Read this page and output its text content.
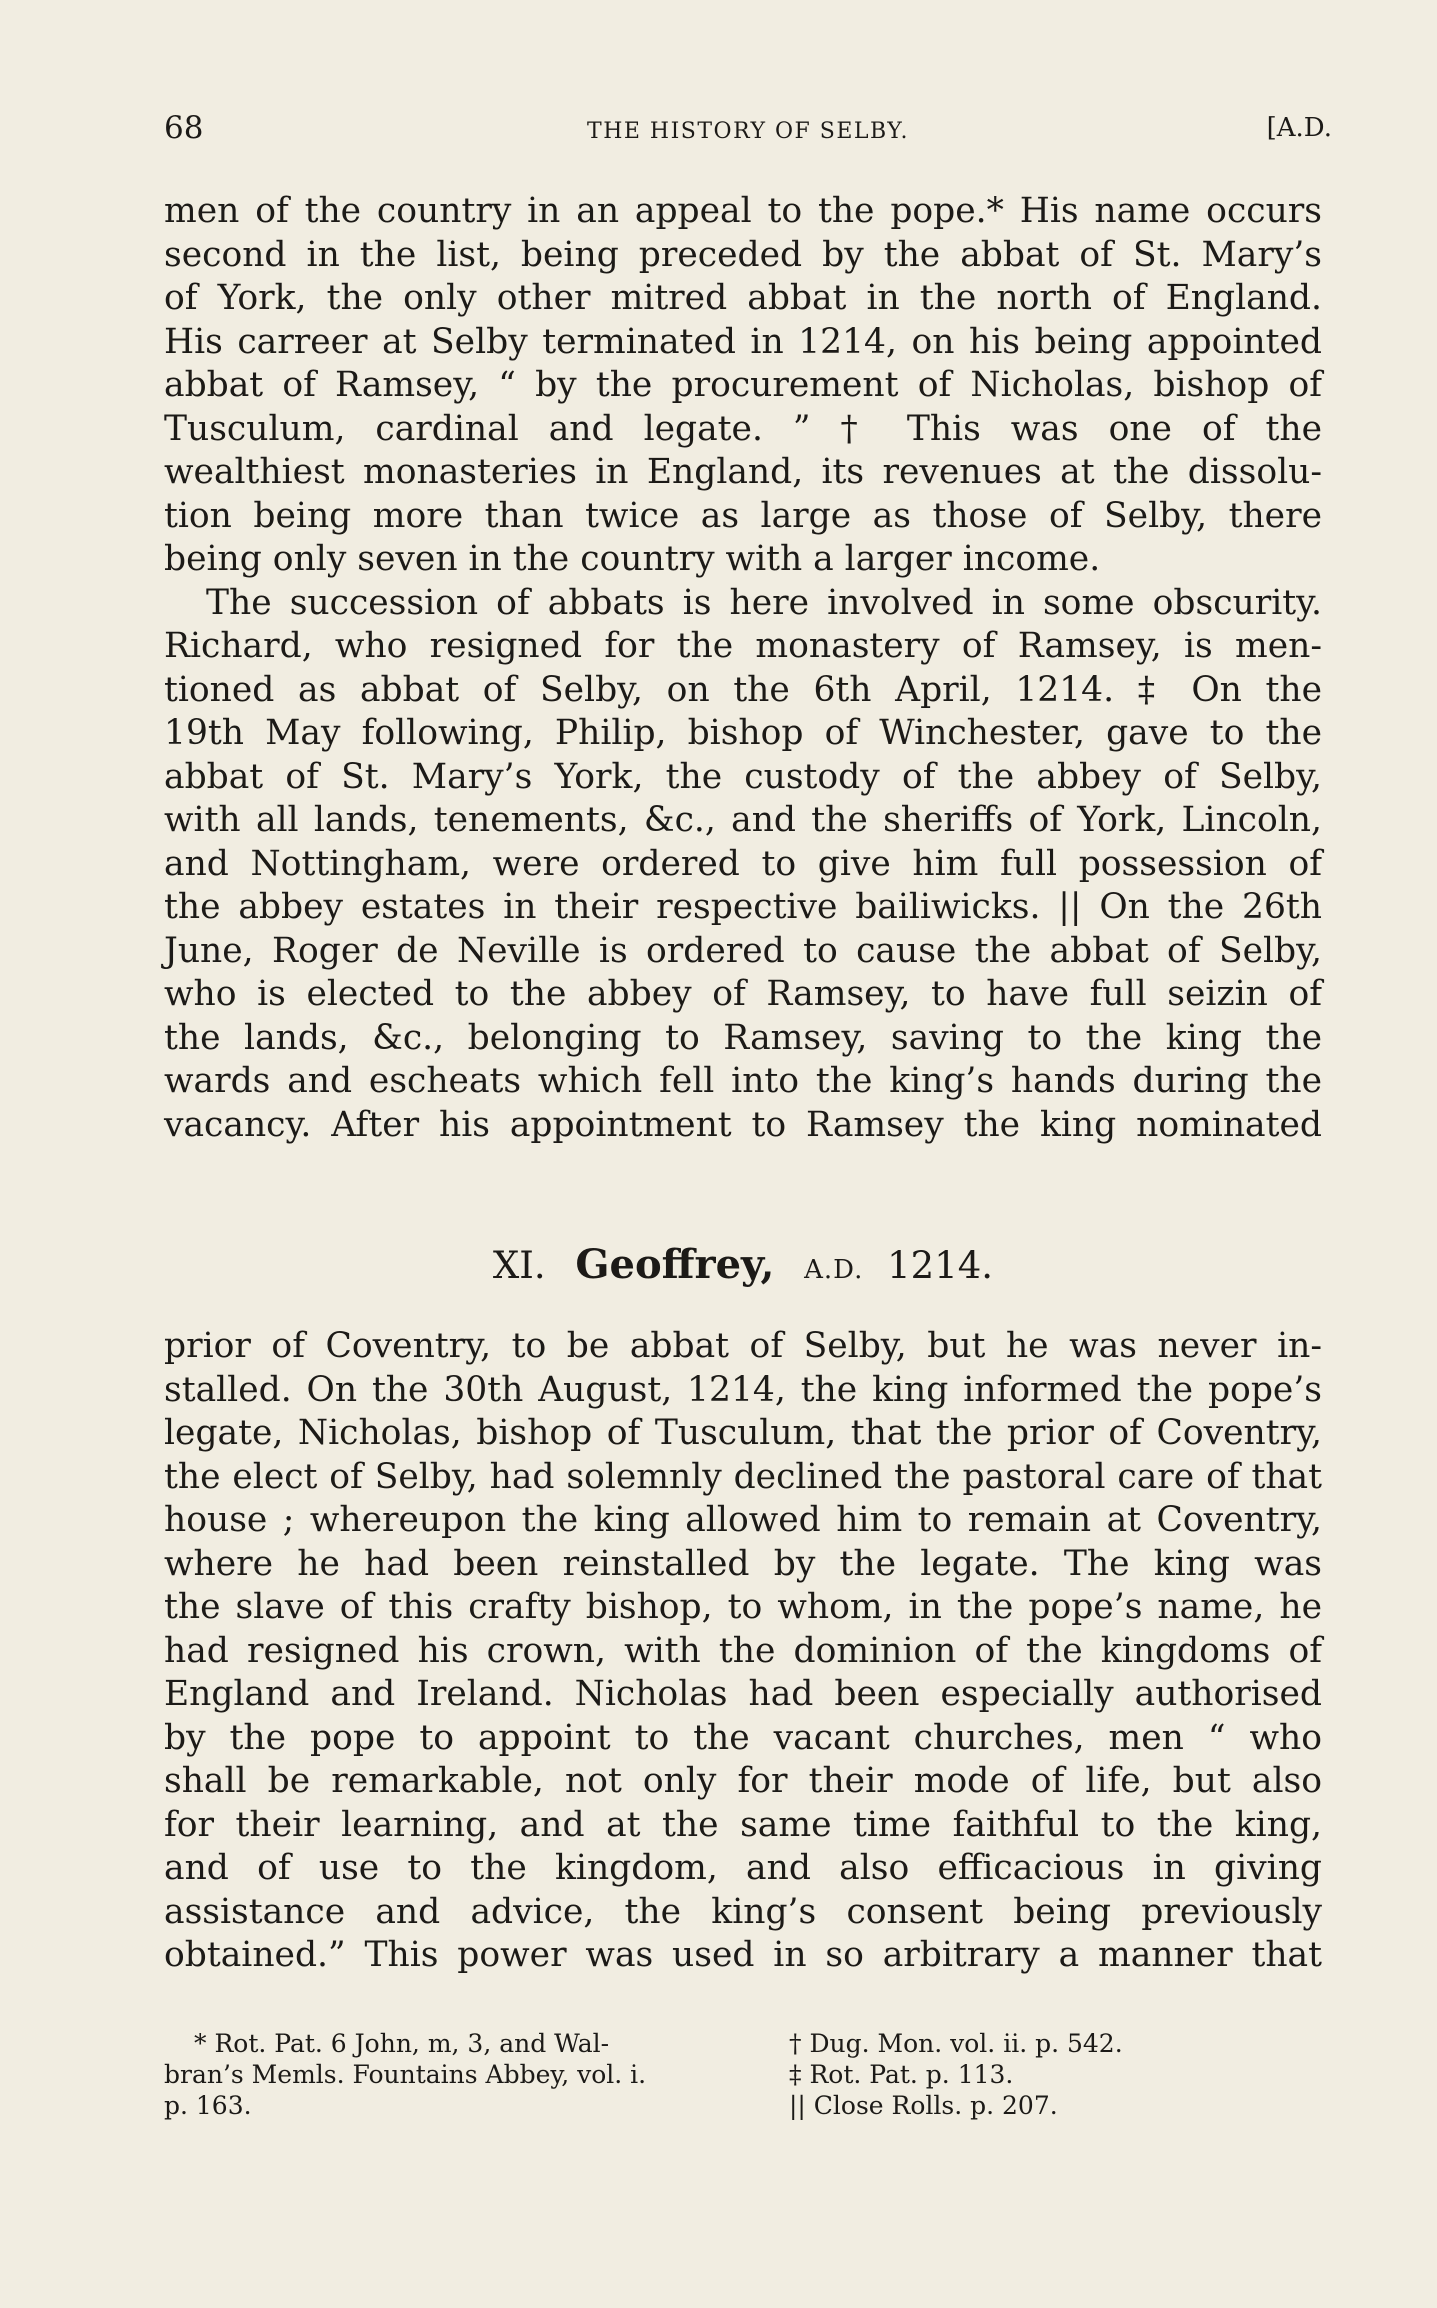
68	THE HISTORY OF SELBY.	[A.D.
men of the country in an appeal to the pope.* His name occurs
second in the list, being preceded by the abbat of St. Mary’s
of York, the only other mitred abbat in the north of England.
His carreer at Selby terminated in 1214, on his being appointed
abbat of Ramsey, “ by the procurement of Nicholas, bishop of
Tusculum, cardinal and legate. ” † This was one of the
wealthiest monasteries in England, its revenues at the dissolu-
tion being more than twice as large as those of Selby, there
being only seven in the country with a larger income.
The succession of abbats is here involved in some obscurity.
Richard, who resigned for the monastery of Ramsey, is men-
tioned as abbat of Selby, on the 6th April, 1214. ‡ On the
19th May following, Philip, bishop of Winchester, gave to the
abbat of St. Mary’s York, the custody of the abbey of Selby,
with all lands, tenements, &c., and the sheriffs of York, Lincoln,
and Nottingham, were ordered to give him full possession of
the abbey estates in their respective bailiwicks. || On the 26th
June, Roger de Neville is ordered to cause the abbat of Selby,
who is elected to the abbey of Ramsey, to have full seizin of
the lands, &c., belonging to Ramsey, saving to the king the
wards and escheats which fell into the king’s hands during the
vacancy. After his appointment to Ramsey the king nominated
XI. Geoffrey, A.D. 1214.
prior of Coventry, to be abbat of Selby, but he was never in-
stalled. On the 30th August, 1214, the king informed the pope’s
legate, Nicholas, bishop of Tusculum, that the prior of Coventry,
the elect of Selby, had solemnly declined the pastoral care of that
house ; whereupon the king allowed him to remain at Coventry,
where he had been reinstalled by the legate. The king was
the slave of this crafty bishop, to whom, in the pope’s name, he
had resigned his crown, with the dominion of the kingdoms of
England and Ireland. Nicholas had been especially authorised
by the pope to appoint to the vacant churches, men “ who
shall be remarkable, not only for their mode of life, but also
for their learning, and at the same time faithful to the king,
and of use to the kingdom, and also efficacious in giving
assistance and advice, the king’s consent being previously
obtained.” This power was used in so arbitrary a manner that
* Rot. Pat. 6 John, m, 3, and Wal-
bran’s Memls. Fountains Abbey, vol. i.
p. 163.
† Dug. Mon. vol. ii. p. 542.
‡ Rot. Pat. p. 113.
|| Close Rolls. p. 207.
